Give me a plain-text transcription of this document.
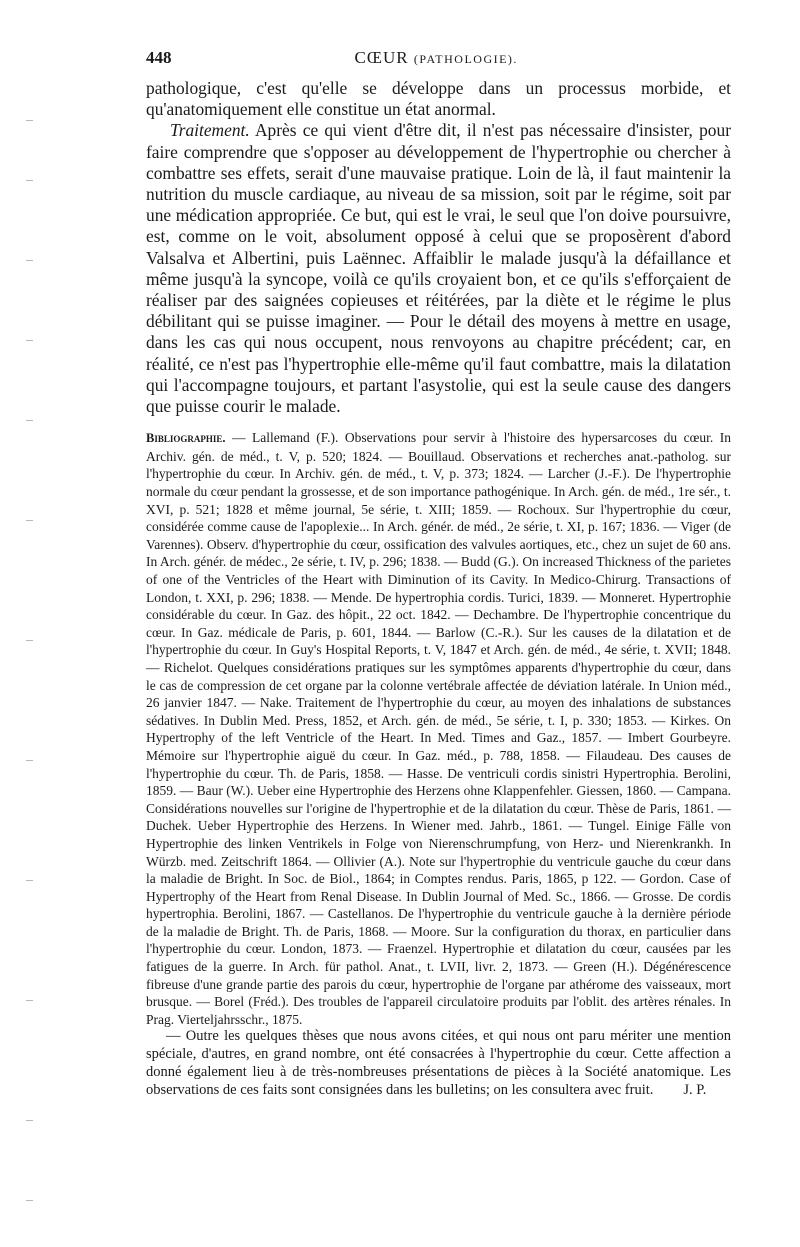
448	CŒUR (PATHOLOGIE).

pathologique, c'est qu'elle se développe dans un processus morbide, et qu'anatomiquement elle constitue un état anormal.

Traitement. Après ce qui vient d'être dit, il n'est pas nécessaire d'insister, pour faire comprendre que s'opposer au développement de l'hypertrophie ou chercher à combattre ses effets, serait d'une mauvaise pratique. Loin de là, il faut maintenir la nutrition du muscle cardiaque, au niveau de sa mission, soit par le régime, soit par une médication appropriée. Ce but, qui est le vrai, le seul que l'on doive poursuivre, est, comme on le voit, absolument opposé à celui que se proposèrent d'abord Valsalva et Albertini, puis Laënnec. Affaiblir le malade jusqu'à la défaillance et même jusqu'à la syncope, voilà ce qu'ils croyaient bon, et ce qu'ils s'efforçaient de réaliser par des saignées copieuses et réitérées, par la diète et le régime le plus débilitant qui se puisse imaginer. — Pour le détail des moyens à mettre en usage, dans les cas qui nous occupent, nous renvoyons au chapitre précédent; car, en réalité, ce n'est pas l'hypertrophie elle-même qu'il faut combattre, mais la dilatation qui l'accompagne toujours, et partant l'asystolie, qui est la seule cause des dangers que puisse courir le malade.

Bibliographie. — Lallemand (F.). Observations pour servir à l'histoire des hypersarcoses du cœur. In Archiv. gén. de méd., t. V, p. 520; 1824. — Bouillaud. Observations et recherches anat.-patholog. sur l'hypertrophie du cœur. In Archiv. gén. de méd., t. V, p. 373; 1824. — Larcher (J.-F.). De l'hypertrophie normale du cœur pendant la grossesse, et de son importance pathogénique. In Arch. gén. de méd., 1re sér., t. XVI, p. 521; 1828 et même journal, 5e série, t. XIII; 1859. — Rochoux. Sur l'hypertrophie du cœur, considérée comme cause de l'apoplexie... In Arch. génér. de méd., 2e série, t. XI, p. 167; 1836. — Viger (de Varennes). Observ. d'hypertrophie du cœur, ossification des valvules aortiques, etc., chez un sujet de 60 ans. In Arch. génér. de médec., 2e série, t. IV, p. 296; 1838. — Budd (G.). On increased Thickness of the parietes of one of the Ventricles of the Heart with Diminution of its Cavity. In Medico-Chirurg. Transactions of London, t. XXI, p. 296; 1838. — Mende. De hypertrophia cordis. Turici, 1839. — Monneret. Hypertrophie considérable du cœur. In Gaz. des hôpit., 22 oct. 1842. — Dechambre. De l'hypertrophie concentrique du cœur. In Gaz. médicale de Paris, p. 601, 1844. — Barlow (C.-R.). Sur les causes de la dilatation et de l'hypertrophie du cœur. In Guy's Hospital Reports, t. V, 1847 et Arch. gén. de méd., 4e série, t. XVII; 1848. — Richelot. Quelques considérations pratiques sur les symptômes apparents d'hypertrophie du cœur, dans le cas de compression de cet organe par la colonne vertébrale affectée de déviation latérale. In Union méd., 26 janvier 1847. — Nake. Traitement de l'hypertrophie du cœur, au moyen des inhalations de substances sédatives. In Dublin Med. Press, 1852, et Arch. gén. de méd., 5e série, t. I, p. 330; 1853. — Kirkes. On Hypertrophy of the left Ventricle of the Heart. In Med. Times and Gaz., 1857. — Imbert Gourbeyre. Mémoire sur l'hypertrophie aiguë du cœur. In Gaz. méd., p. 788, 1858. — Filaudeau. Des causes de l'hypertrophie du cœur. Th. de Paris, 1858. — Hasse. De ventriculi cordis sinistri Hypertrophia. Berolini, 1859. — Baur (W.). Ueber eine Hypertrophie des Herzens ohne Klappenfehler. Giessen, 1860. — Campana. Considérations nouvelles sur l'origine de l'hypertrophie et de la dilatation du cœur. Thèse de Paris, 1861. — Duchek. Ueber Hypertrophie des Herzens. In Wiener med. Jahrb., 1861. — Tungel. Einige Fälle von Hypertrophie des linken Ventrikels in Folge von Nierenschrumpfung, von Herz- und Nierenkrankh. In Würzb. med. Zeitschrift 1864. — Ollivier (A.). Note sur l'hypertrophie du ventricule gauche du cœur dans la maladie de Bright. In Soc. de Biol., 1864; in Comptes rendus. Paris, 1865, p 122. — Gordon. Case of Hypertrophy of the Heart from Renal Disease. In Dublin Journal of Med. Sc., 1866. — Grosse. De cordis hypertrophia. Berolini, 1867. — Castellanos. De l'hypertrophie du ventricule gauche à la dernière période de la maladie de Bright. Th. de Paris, 1868. — Moore. Sur la configuration du thorax, en particulier dans l'hypertrophie du cœur. London, 1873. — Fraenzel. Hypertrophie et dilatation du cœur, causées par les fatigues de la guerre. In Arch. für pathol. Anat., t. LVII, livr. 2, 1873. — Green (H.). Dégénérescence fibreuse d'une grande partie des parois du cœur, hypertrophie de l'organe par athérome des vaisseaux, mort brusque. — Borel (Fréd.). Des troubles de l'appareil circulatoire produits par l'oblit. des artères rénales. In Prag. Vierteljahrsschr., 1875.

— Outre les quelques thèses que nous avons citées, et qui nous ont paru mériter une mention spéciale, d'autres, en grand nombre, ont été consacrées à l'hypertrophie du cœur. Cette affection a donné également lieu à de très-nombreuses présentations de pièces à la Société anatomique. Les observations de ces faits sont consignées dans les bulletins; on les consultera avec fruit. J. P.
